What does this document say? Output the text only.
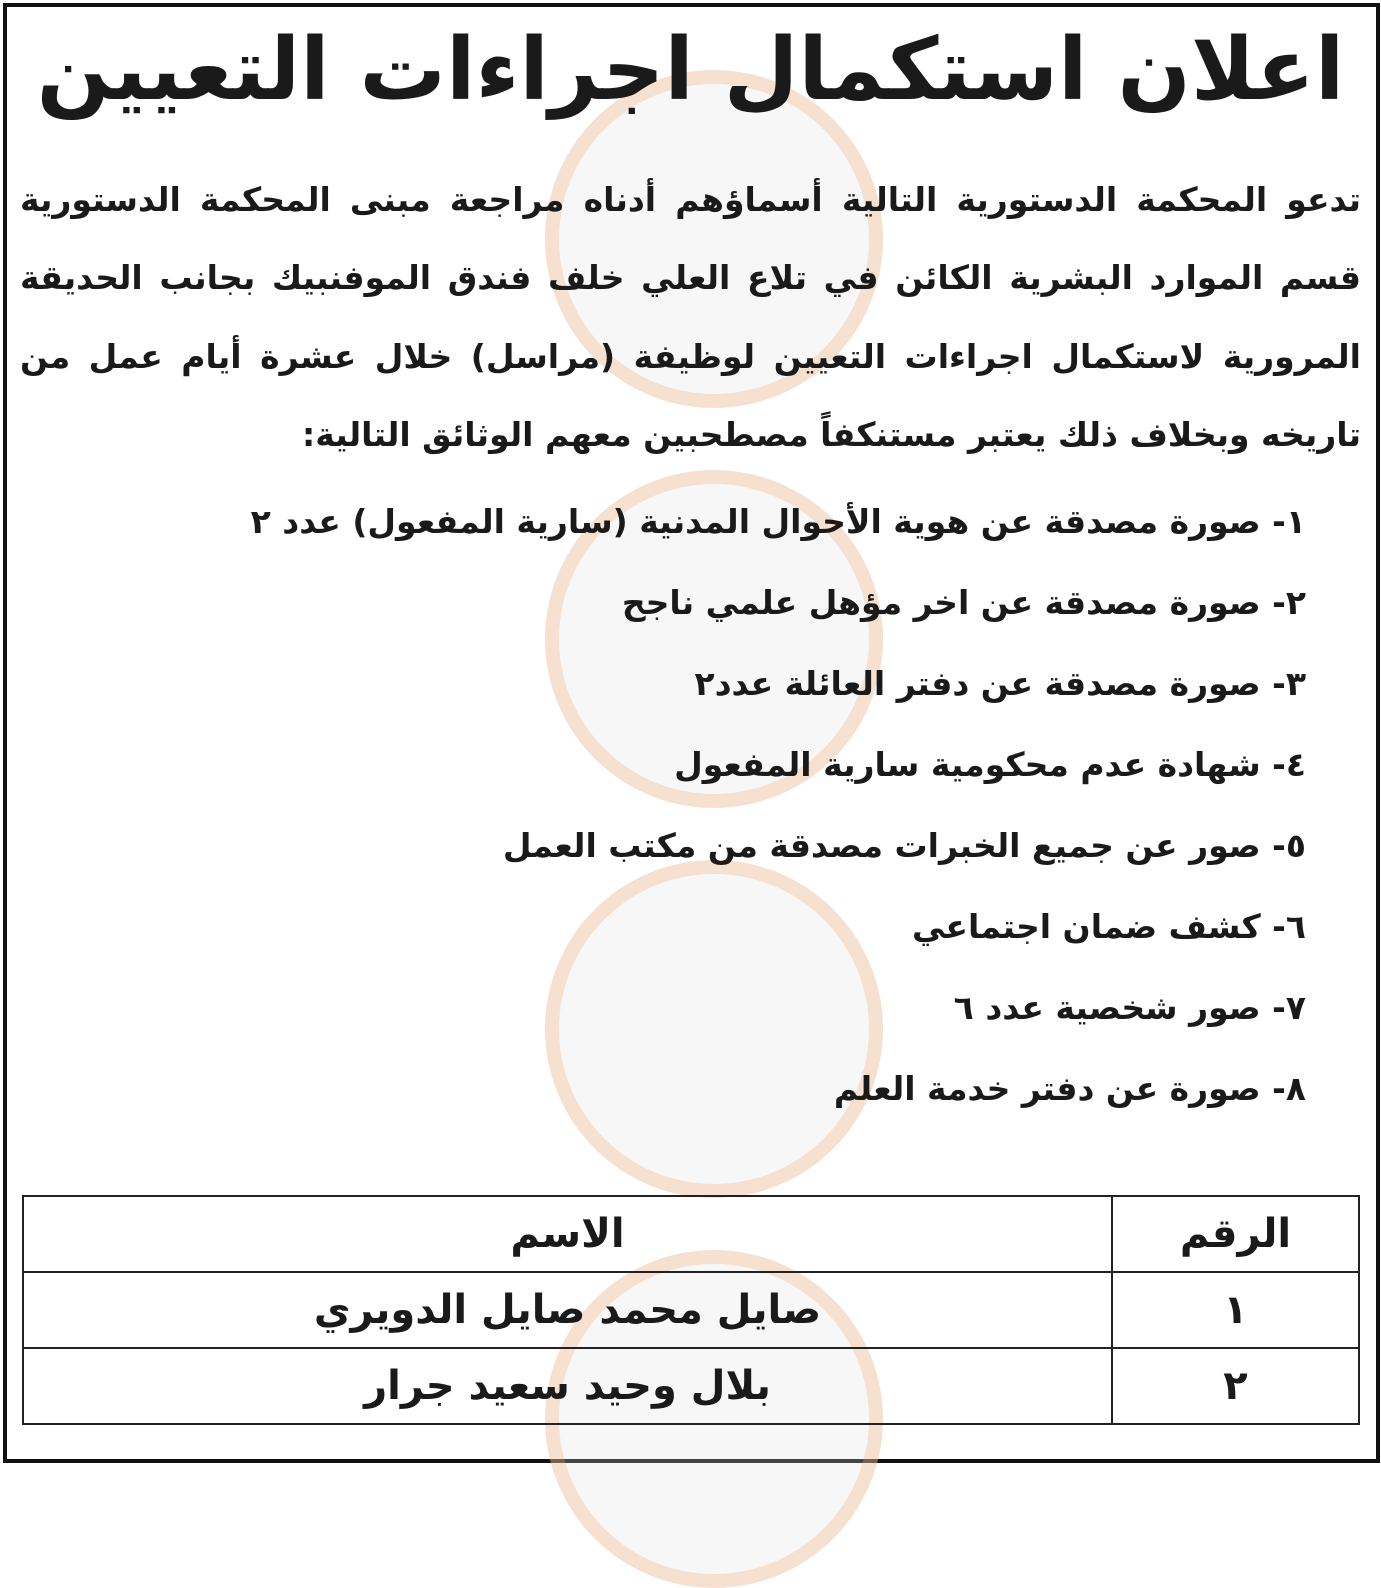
اعلان استكمال اجراءات التعيين
تدعو المحكمة الدستورية التالية أسماؤهم أدناه مراجعة مبنى المحكمة الدستورية
قسم الموارد البشرية الكائن في تلاع العلي خلف فندق الموفنبيك بجانب الحديقة
المرورية لاستكمال اجراءات التعيين لوظيفة (مراسل) خلال عشرة أيام عمل من
تاريخه وبخلاف ذلك يعتبر مستنكفاً مصطحبين معهم الوثائق التالية:
١- صورة مصدقة عن هوية الأحوال المدنية (سارية المفعول) عدد ٢
٢- صورة مصدقة عن اخر مؤهل علمي ناجح
٣- صورة مصدقة عن دفتر العائلة عدد٢
٤- شهادة عدم محكومية سارية المفعول
٥- صور عن جميع الخبرات مصدقة من مكتب العمل
٦- كشف ضمان اجتماعي
٧- صور شخصية عدد ٦
٨- صورة عن دفتر خدمة العلم
الرقم	الاسم
١	صايل محمد صايل الدويري
٢	بلال وحيد سعيد جرار
